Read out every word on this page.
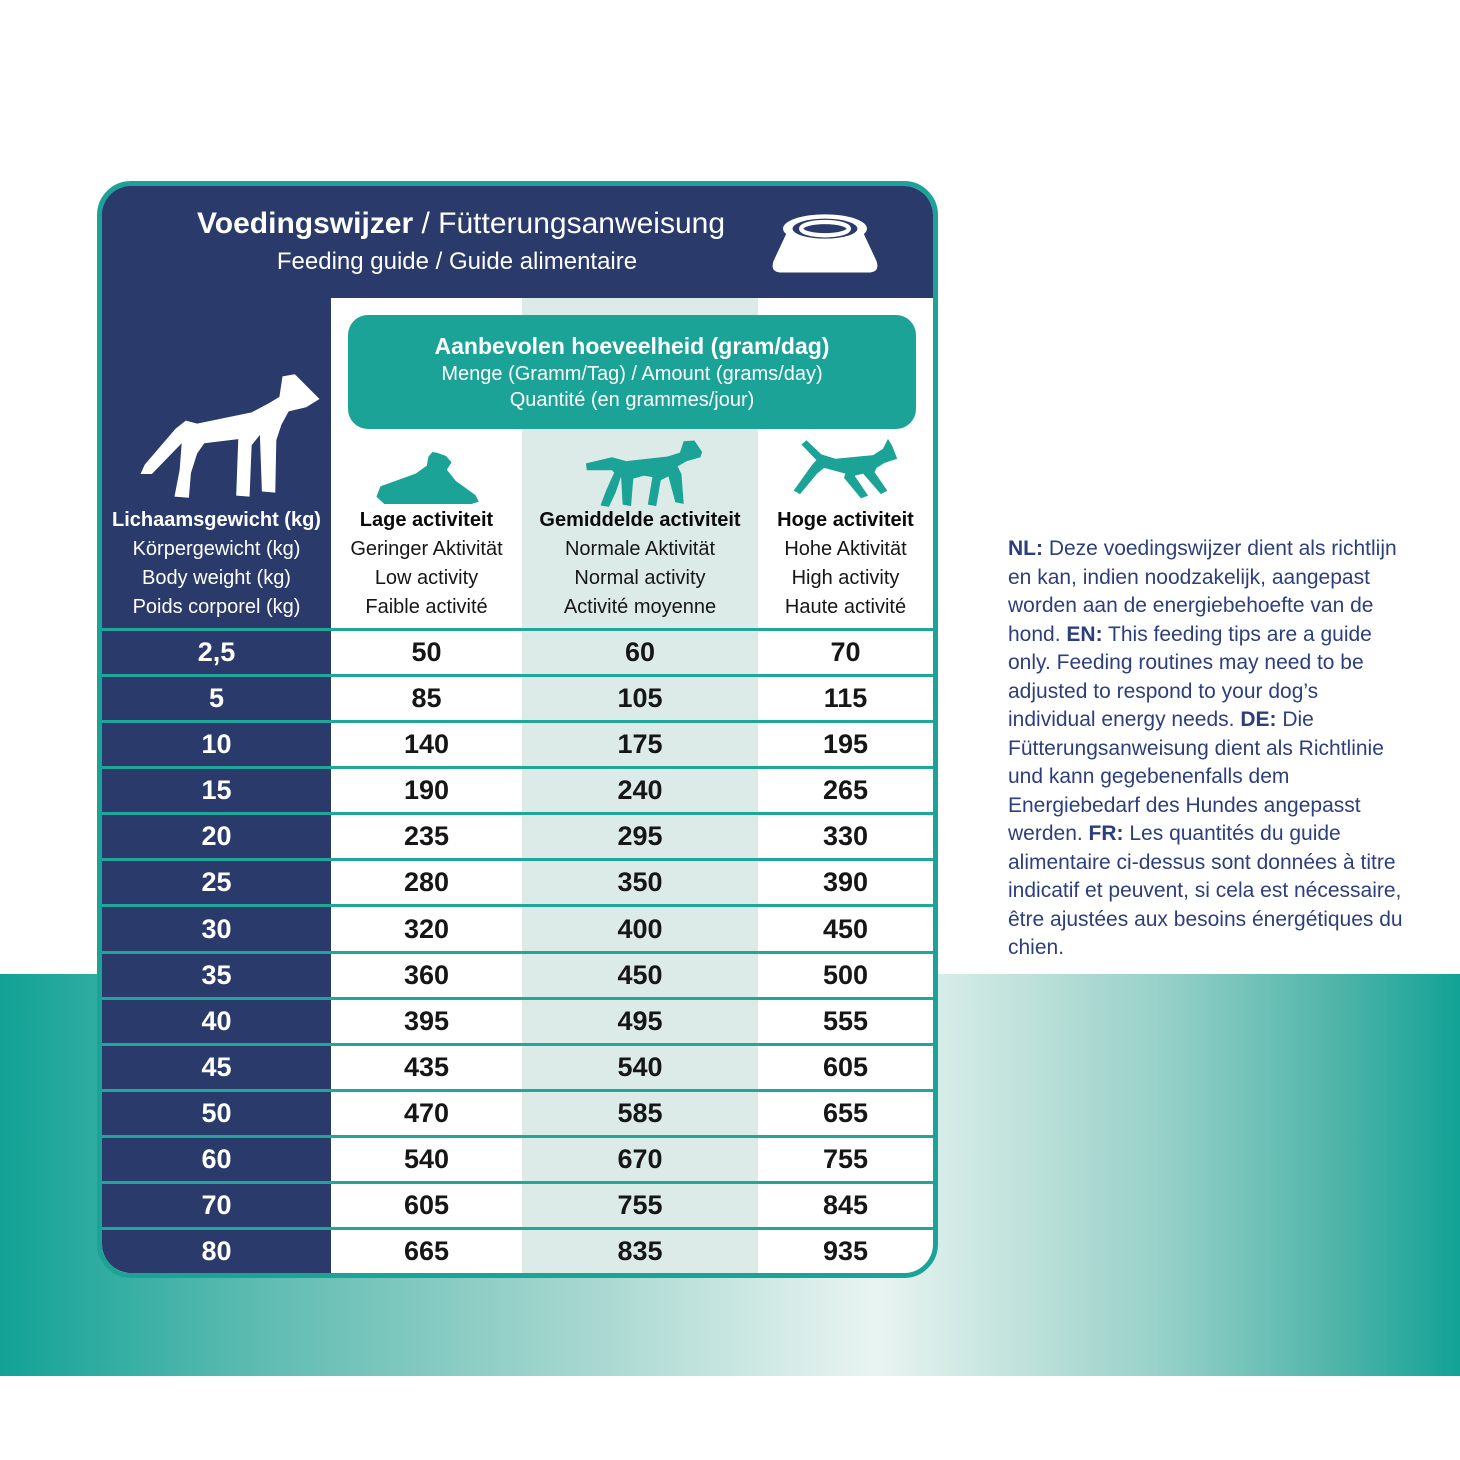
Voedingswijzer / Fütterungsanweisung
Feeding guide / Guide alimentaire
Aanbevolen hoeveelheid (gram/dag)
Menge (Gramm/Tag) / Amount (grams/day)
Quantité (en grammes/jour)
Lichaamsgewicht (kg)
Körpergewicht (kg)
Body weight (kg)
Poids corporel (kg)
Lage activiteit
Geringer Aktivität
Low activity
Faible activité
Gemiddelde activiteit
Normale Aktivität
Normal activity
Activité moyenne
Hoge activiteit
Hohe Aktivität
High activity
Haute activité
2,5	50	60	70
5	85	105	115
10	140	175	195
15	190	240	265
20	235	295	330
25	280	350	390
30	320	400	450
35	360	450	500
40	395	495	555
45	435	540	605
50	470	585	655
60	540	670	755
70	605	755	845
80	665	835	935

NL: Deze voedingswijzer dient als richtlijn en kan, indien noodzakelijk, aangepast worden aan de energiebehoefte van de hond. EN: This feeding tips are a guide only. Feeding routines may need to be adjusted to respond to your dog’s individual energy needs. DE: Die Fütterungsanweisung dient als Richtlinie und kann gegebenenfalls dem Energiebedarf des Hundes angepasst werden. FR: Les quantités du guide alimentaire ci-dessus sont données à titre indicatif et peuvent, si cela est nécessaire, être ajustées aux besoins énergétiques du chien.
